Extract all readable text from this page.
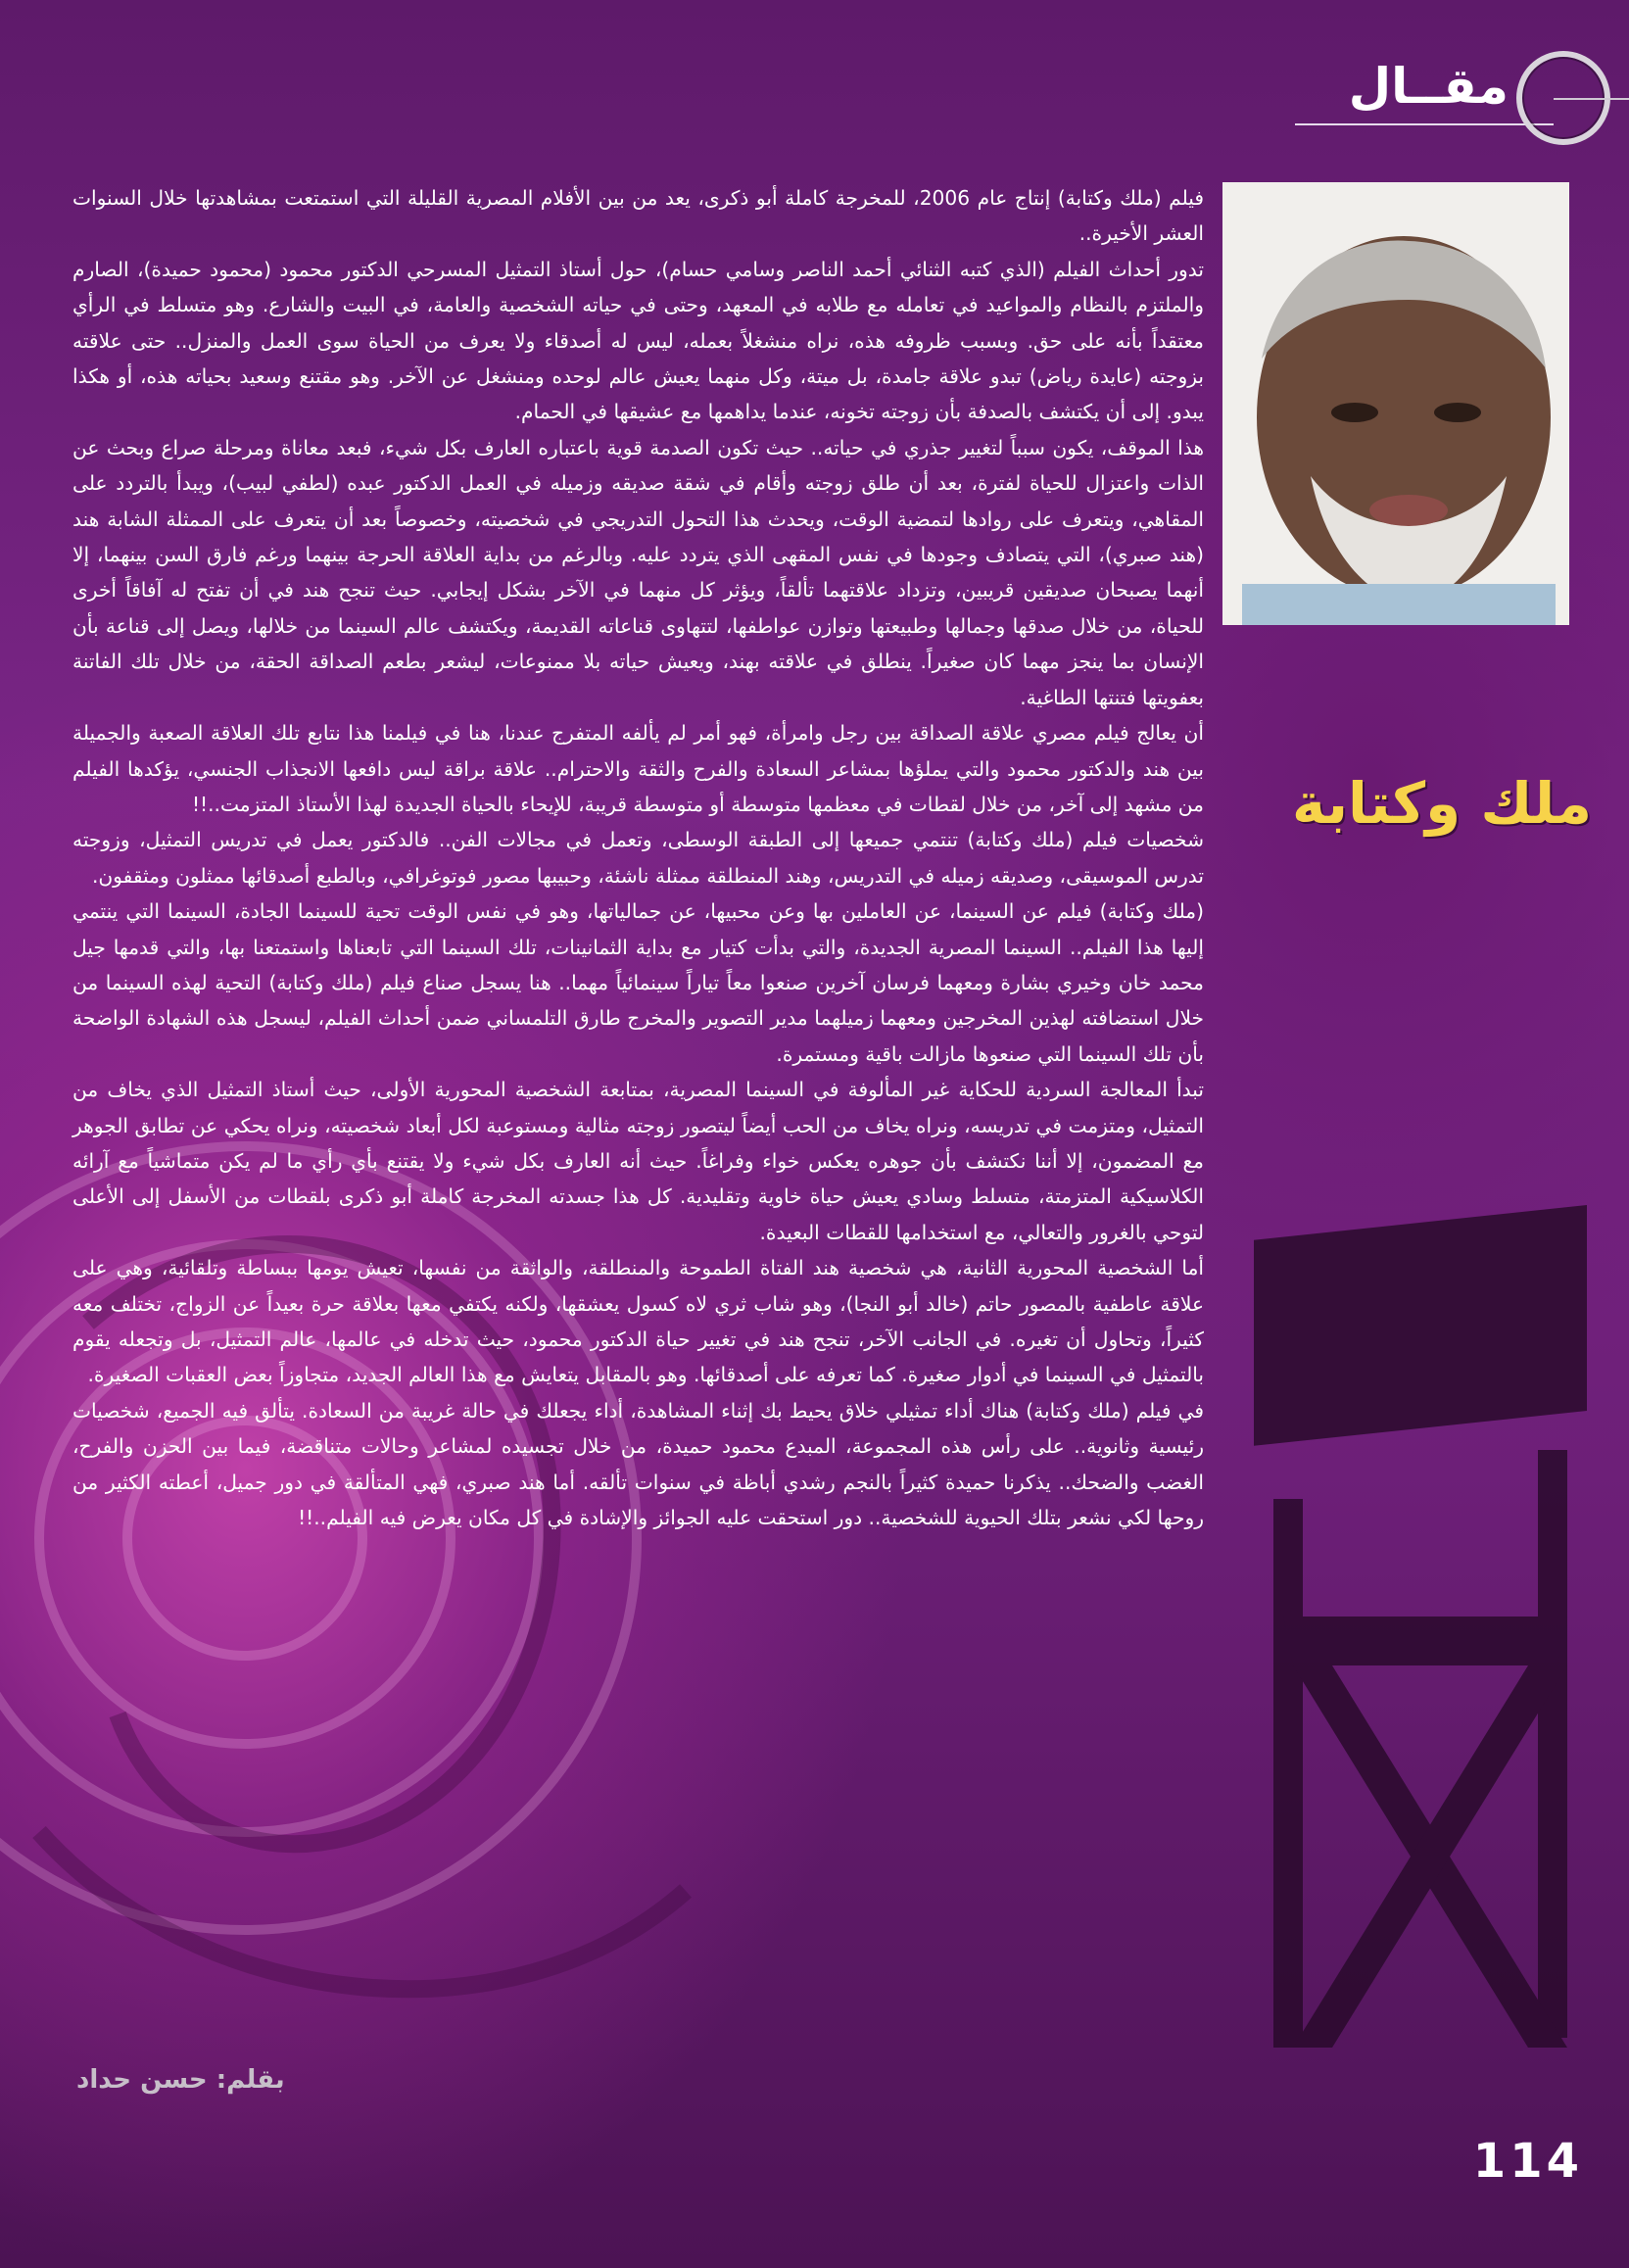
مقــال
ملك وكتابة

فيلم (ملك وكتابة) إنتاج عام 2006، للمخرجة كاملة أبو ذكرى، يعد من بين الأفلام المصرية القليلة التي استمتعت بمشاهدتها خلال السنوات العشر الأخيرة..

تدور أحداث الفيلم (الذي كتبه الثنائي أحمد الناصر وسامي حسام)، حول أستاذ التمثيل المسرحي الدكتور محمود (محمود حميدة)، الصارم والملتزم بالنظام والمواعيد في تعامله مع طلابه في المعهد، وحتى في حياته الشخصية والعامة، في البيت والشارع. وهو متسلط في الرأي معتقداً بأنه على حق. وبسبب ظروفه هذه، نراه منشغلاً بعمله، ليس له أصدقاء ولا يعرف من الحياة سوى العمل والمنزل.. حتى علاقته بزوجته (عايدة رياض) تبدو علاقة جامدة، بل ميتة، وكل منهما يعيش عالم لوحده ومنشغل عن الآخر. وهو مقتنع وسعيد بحياته هذه، أو هكذا يبدو. إلى أن يكتشف بالصدفة بأن زوجته تخونه، عندما يداهمها مع عشيقها في الحمام.

هذا الموقف، يكون سبباً لتغيير جذري في حياته.. حيث تكون الصدمة قوية باعتباره العارف بكل شيء، فبعد معاناة ومرحلة صراع وبحث عن الذات واعتزال للحياة لفترة، بعد أن طلق زوجته وأقام في شقة صديقه وزميله في العمل الدكتور عبده (لطفي لبيب)، ويبدأ بالتردد على المقاهي، ويتعرف على روادها لتمضية الوقت، ويحدث هذا التحول التدريجي في شخصيته، وخصوصاً بعد أن يتعرف على الممثلة الشابة هند (هند صبري)، التي يتصادف وجودها في نفس المقهى الذي يتردد عليه. وبالرغم من بداية العلاقة الحرجة بينهما ورغم فارق السن بينهما، إلا أنهما يصبحان صديقين قريبين، وتزداد علاقتهما تألقاً، ويؤثر كل منهما في الآخر بشكل إيجابي. حيث تنجح هند في أن تفتح له آفاقاً أخرى للحياة، من خلال صدقها وجمالها وطبيعتها وتوازن عواطفها، لتتهاوى قناعاته القديمة، ويكتشف عالم السينما من خلالها، ويصل إلى قناعة بأن الإنسان بما ينجز مهما كان صغيراً. ينطلق في علاقته بهند، ويعيش حياته بلا ممنوعات، ليشعر بطعم الصداقة الحقة، من خلال تلك الفاتنة بعفويتها فتنتها الطاغية.

أن يعالج فيلم مصري علاقة الصداقة بين رجل وامرأة، فهو أمر لم يألفه المتفرج عندنا، هنا في فيلمنا هذا نتابع تلك العلاقة الصعبة والجميلة بين هند والدكتور محمود والتي يملؤها بمشاعر السعادة والفرح والثقة والاحترام.. علاقة براقة ليس دافعها الانجذاب الجنسي، يؤكدها الفيلم من مشهد إلى آخر، من خلال لقطات في معظمها متوسطة أو متوسطة قريبة، للإيحاء بالحياة الجديدة لهذا الأستاذ المتزمت..!!

شخصيات فيلم (ملك وكتابة) تنتمي جميعها إلى الطبقة الوسطى، وتعمل في مجالات الفن.. فالدكتور يعمل في تدريس التمثيل، وزوجته تدرس الموسيقى، وصديقه زميله في التدريس، وهند المنطلقة ممثلة ناشئة، وحبيبها مصور فوتوغرافي، وبالطبع أصدقائها ممثلون ومثقفون.

(ملك وكتابة) فيلم عن السينما، عن العاملين بها وعن محبيها، عن جمالياتها، وهو في نفس الوقت تحية للسينما الجادة، السينما التي ينتمي إليها هذا الفيلم.. السينما المصرية الجديدة، والتي بدأت كتيار مع بداية الثمانينات، تلك السينما التي تابعناها واستمتعنا بها، والتي قدمها جيل محمد خان وخيري بشارة ومعهما فرسان آخرين صنعوا معاً تياراً سينمائياً مهما.. هنا يسجل صناع فيلم (ملك وكتابة) التحية لهذه السينما من خلال استضافته لهذين المخرجين ومعهما زميلهما مدير التصوير والمخرج طارق التلمساني ضمن أحداث الفيلم، ليسجل هذه الشهادة الواضحة بأن تلك السينما التي صنعوها مازالت باقية ومستمرة.

تبدأ المعالجة السردية للحكاية غير المألوفة في السينما المصرية، بمتابعة الشخصية المحورية الأولى، حيث أستاذ التمثيل الذي يخاف من التمثيل، ومتزمت في تدريسه، ونراه يخاف من الحب أيضاً ليتصور زوجته مثالية ومستوعبة لكل أبعاد شخصيته، ونراه يحكي عن تطابق الجوهر مع المضمون، إلا أننا نكتشف بأن جوهره يعكس خواء وفراغاً. حيث أنه العارف بكل شيء ولا يقتنع بأي رأي ما لم يكن متماشياً مع آرائه الكلاسيكية المتزمتة، متسلط وسادي يعيش حياة خاوية وتقليدية. كل هذا جسدته المخرجة كاملة أبو ذكرى بلقطات من الأسفل إلى الأعلى لتوحي بالغرور والتعالي، مع استخدامها للقطات البعيدة.

أما الشخصية المحورية الثانية، هي شخصية هند الفتاة الطموحة والمنطلقة، والواثقة من نفسها، تعيش يومها ببساطة وتلقائية، وهي على علاقة عاطفية بالمصور حاتم (خالد أبو النجا)، وهو شاب ثري لاه كسول يعشقها، ولكنه يكتفي معها بعلاقة حرة بعيداً عن الزواج، تختلف معه كثيراً، وتحاول أن تغيره. في الجانب الآخر، تنجح هند في تغيير حياة الدكتور محمود، حيث تدخله في عالمها، عالم التمثيل، بل وتجعله يقوم بالتمثيل في السينما في أدوار صغيرة. كما تعرفه على أصدقائها. وهو بالمقابل يتعايش مع هذا العالم الجديد، متجاوزاً بعض العقبات الصغيرة.

في فيلم (ملك وكتابة) هناك أداء تمثيلي خلاق يحيط بك إثناء المشاهدة، أداء يجعلك في حالة غريبة من السعادة. يتألق فيه الجميع، شخصيات رئيسية وثانوية.. على رأس هذه المجموعة، المبدع محمود حميدة، من خلال تجسيده لمشاعر وحالات متناقضة، فيما بين الحزن والفرح، الغضب والضحك.. يذكرنا حميدة كثيراً بالنجم رشدي أباظة في سنوات تألقه. أما هند صبري، فهي المتألقة في دور جميل، أعطته الكثير من روحها لكي نشعر بتلك الحيوية للشخصية.. دور استحقت عليه الجوائز والإشادة في كل مكان يعرض فيه الفيلم..!!

بقلم: حسن حداد
114
